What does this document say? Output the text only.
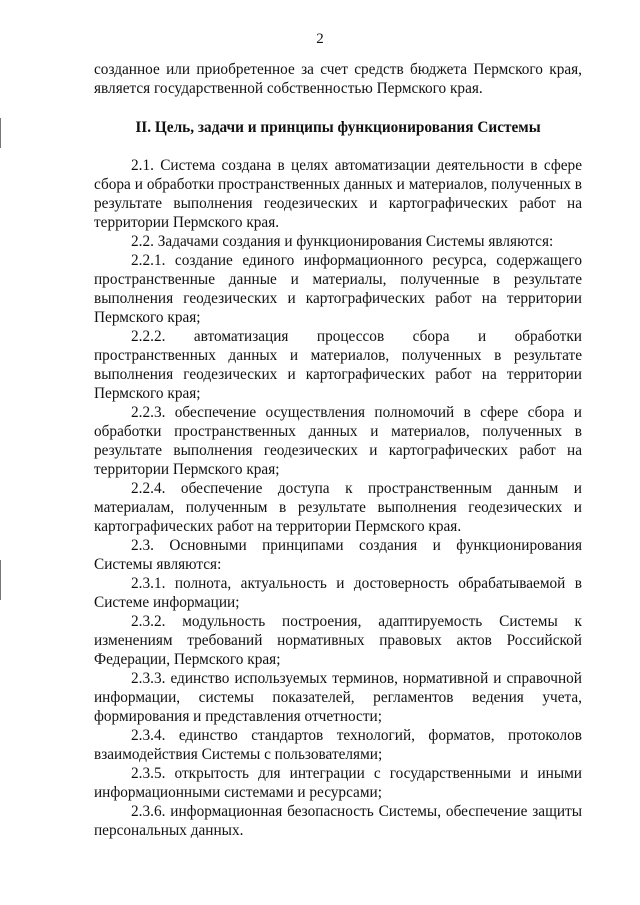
2

созданное или приобретенное за счет средств бюджета Пермского края, является государственной собственностью Пермского края.

II. Цель, задачи и принципы функционирования Системы

2.1. Система создана в целях автоматизации деятельности в сфере сбора и обработки пространственных данных и материалов, полученных в результате выполнения геодезических и картографических работ на территории Пермского края.

2.2. Задачами создания и функционирования Системы являются:

2.2.1. создание единого информационного ресурса, содержащего пространственные данные и материалы, полученные в результате выполнения геодезических и картографических работ на территории Пермского края;

2.2.2. автоматизация процессов сбора и обработки пространственных данных и материалов, полученных в результате выполнения геодезических и картографических работ на территории Пермского края;

2.2.3. обеспечение осуществления полномочий в сфере сбора и обработки пространственных данных и материалов, полученных в результате выполнения геодезических и картографических работ на территории Пермского края;

2.2.4. обеспечение доступа к пространственным данным и материалам, полученным в результате выполнения геодезических и картографических работ на территории Пермского края.

2.3. Основными принципами создания и функционирования Системы являются:

2.3.1. полнота, актуальность и достоверность обрабатываемой в Системе информации;

2.3.2. модульность построения, адаптируемость Системы к изменениям требований нормативных правовых актов Российской Федерации, Пермского края;

2.3.3. единство используемых терминов, нормативной и справочной информации, системы показателей, регламентов ведения учета, формирования и представления отчетности;

2.3.4. единство стандартов технологий, форматов, протоколов взаимодействия Системы с пользователями;

2.3.5. открытость для интеграции с государственными и иными информационными системами и ресурсами;

2.3.6. информационная безопасность Системы, обеспечение защиты персональных данных.
